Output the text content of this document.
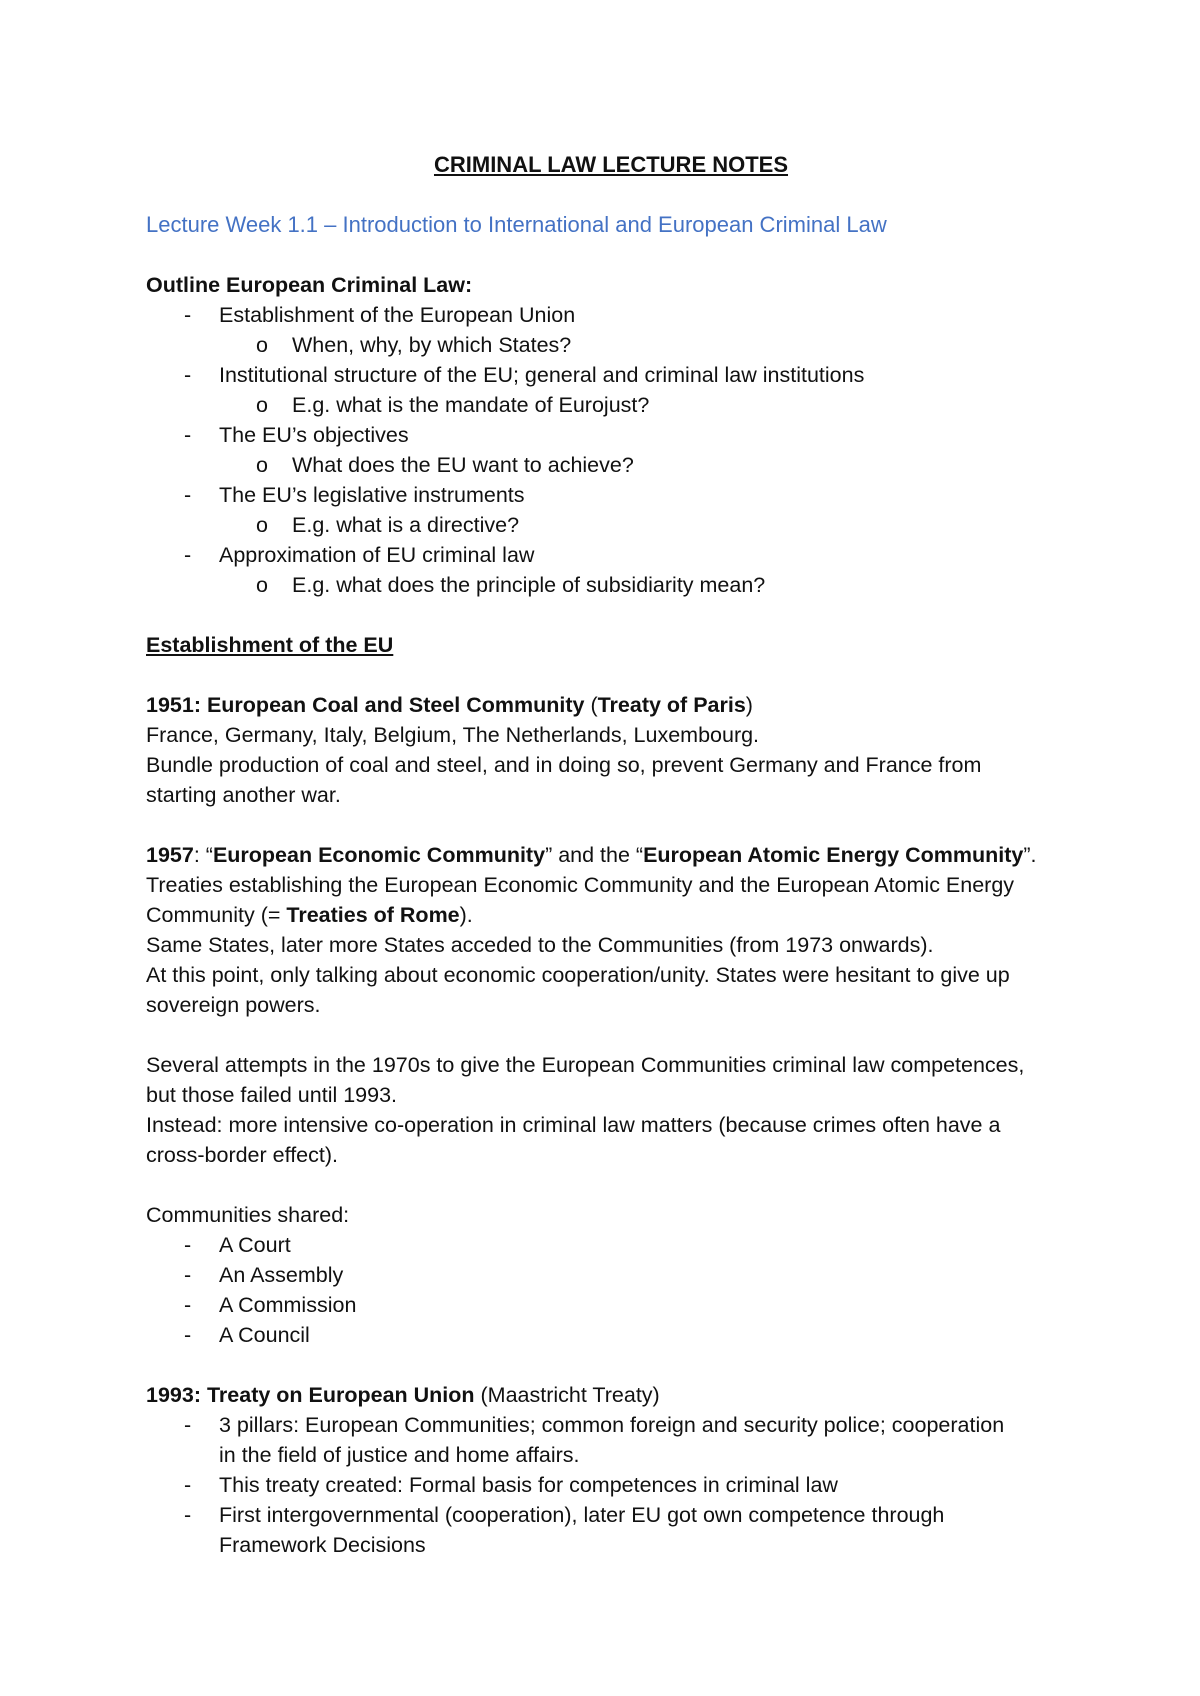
CRIMINAL LAW LECTURE NOTES

Lecture Week 1.1 – Introduction to International and European Criminal Law

Outline European Criminal Law:

- Establishment of the European Union

o When, why, by which States?

- Institutional structure of the EU; general and criminal law institutions

o E.g. what is the mandate of Eurojust?

- The EU’s objectives

o What does the EU want to achieve?

- The EU’s legislative instruments

o E.g. what is a directive?

- Approximation of EU criminal law

o E.g. what does the principle of subsidiarity mean?

Establishment of the EU

1951: European Coal and Steel Community (Treaty of Paris)

France, Germany, Italy, Belgium, The Netherlands, Luxembourg.

Bundle production of coal and steel, and in doing so, prevent Germany and France from

starting another war.

1957: “European Economic Community” and the “European Atomic Energy Community”.

Treaties establishing the European Economic Community and the European Atomic Energy

Community (= Treaties of Rome).

Same States, later more States acceded to the Communities (from 1973 onwards).

At this point, only talking about economic cooperation/unity. States were hesitant to give up

sovereign powers.

Several attempts in the 1970s to give the European Communities criminal law competences,

but those failed until 1993.

Instead: more intensive co-operation in criminal law matters (because crimes often have a

cross-border effect).

Communities shared:

- A Court

- An Assembly

- A Commission

- A Council

1993: Treaty on European Union (Maastricht Treaty)

- 3 pillars: European Communities; common foreign and security police; cooperation

in the field of justice and home affairs.

- This treaty created: Formal basis for competences in criminal law

- First intergovernmental (cooperation), later EU got own competence through

Framework Decisions
